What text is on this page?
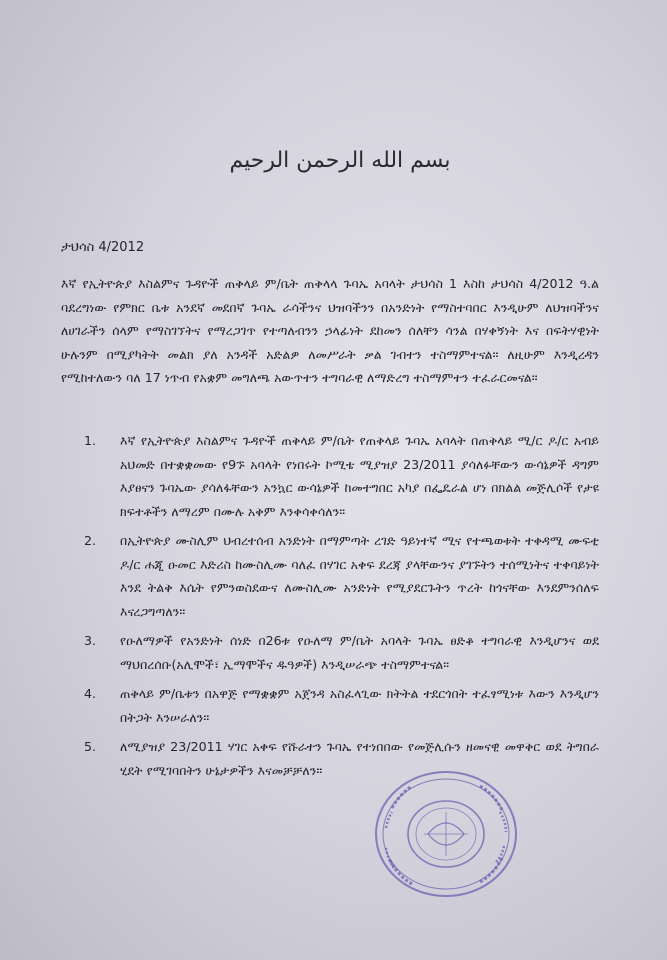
بسم الله الرحمن الرحيم
ታህሳስ 4/2012
እኛ የኢትዮጵያ እስልምና ጉዳዮች ጠቅላይ ም/ቤት ጠቅላላ ጉባኤ አባላት ታህሳስ 1 እስከ ታህሳስ 4/2012 ዓ.ል ባደረግነው የምክር ቤቱ አንደኛ መደበኛ ጉባኤ ራሳችንና ህዝባችንን በአንድነት የማስተባበር እንዲሁም ለህዝባችንና ለሀገራችን ሰላም የማስገኘትና የማረጋገጥ የተጣለብንን ኃላፊነት ደከመን ሰለቸን ሳንል በሃቀኝነት እና በፍትሃዊነት ሁሉንም በሚያካትት መልክ ያለ አንዳች አድልዎ ለመሥራት ቃል ገብተን ተስማምተናል። ለዚሁም እንዲረዳን የሚከተለውን ባለ 17 ነጥብ የአቋም መግለጫ አውጥተን ተግባራዊ ለማድረግ ተስማምተን ተፈራርመናል።
1.	እኛ የኢትዮጵያ እስልምና ጉዳዮች ጠቅላይ ም/ቤት የጠቅላይ ጉባኤ አባላት በጠቅላይ ሚ/ር ዶ/ር አብይ አህመድ በተቋቋመው የ9ኙ አባላት የነበሩት ኮሚቴ ሚያዝያ 23/2011 ያሳለፉቸውን ውሳኔዎች ዳግም እያፀናን ጉባኤው ያሳለፋቸውን አንኳር ውሳኔዎች ከመተግበር አካያ በፌዴራል ሆነ በክልል መጅሊሶች የታዩ ክፍተቶችን ለማረም በሙሉ አቅም እንቀሳቀሳለን።
2.	በኢትዮጵያ ሙስሊም ህብረተሰብ አንድነት በማምጣት ረገድ ዓይነተኛ ሚና የተጫወቱት ተቀዳሚ ሙፍቲ ዶ/ር ሐጂ ዑመር እድሪስ ከሙስሊሙ ባለፈ በሃገር አቀፍ ደረጃ ያላቸውንና ያገኙትን ተሰሚነትና ተቀባይነት እንደ ትልቅ እሴት የምንወስደውና ለሙስሊሙ አንድነት የሚያደርጉትን ጥረት ከጎናቸው እንደምንሰለፍ እናረጋግጣለን።
3.	የዑለማዎች የአንድነት ሰነድ በ26ቱ የዑለማ ም/ቤት አባላት ጉባኤ ፀድቆ ተግባራዊ እንዲሆንና ወደ ማህበረሰቡ(አሊሞች፣ ኢማሞችና ዱዓዎች) እንዲሠራጭ ተስማምተናል።
4.	ጠቅላይ ም/ቤቱን በአዋጅ የማቋቋም አጀንዳ አስፈላጊው ክትትል ተደርጎበት ተፈፃሚነቱ እውን እንዲሆን በትጋት እንሠራለን።
5.	ለሚያዝያ 23/2011 ሃገር አቀፍ የሹራተን ጉባኤ የተነበበው የመጅሊሱን ዘመናዊ መዋቅር ወደ ትግበራ ሂደት የሚገባበትን ሁኔታዎችን እናመቻቻለን።
